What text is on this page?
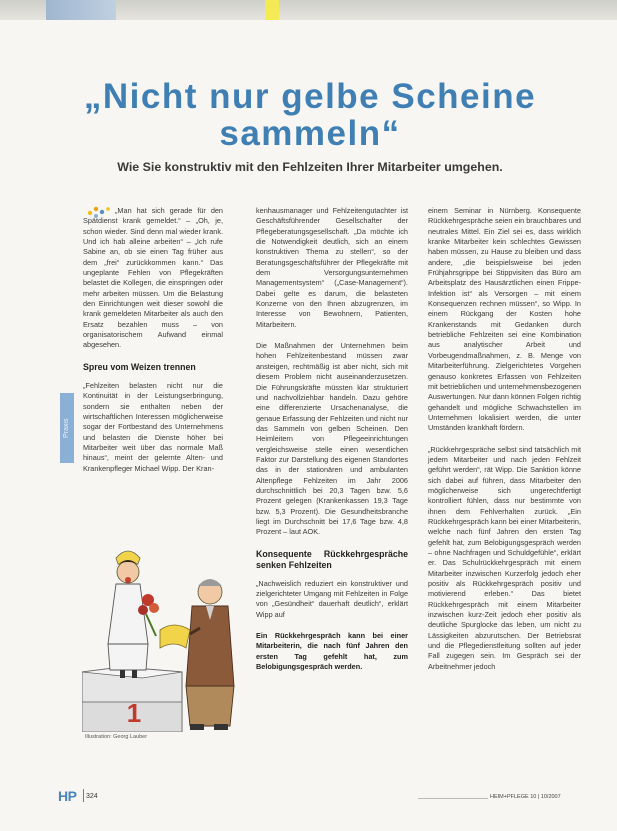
„Nicht nur gelbe Scheine sammeln“
Wie Sie konstruktiv mit den Fehlzeiten Ihrer Mitarbeiter umgehen.

„Man hat sich gerade für den Spätdienst krank gemeldet.“ – „Oh, je, schon wieder. Sind denn mal wieder krank. Und ich hab alleine arbeiten“ – „Ich rufe Sabine an, ob sie einen Tag früher aus dem „frei“ zurückkommen kann.“ Das ungeplante Fehlen von Pflegekräften belastet die Kollegen, die einspringen oder mehr arbeiten müssen. Um die Belastung den Einrichtungen weit dieser sowohl die krank gemeldeten Mitarbeiter als auch den Ersatz bezahlen muss – von organisatorischem Aufwand einmal abgesehen.

Spreu vom Weizen trennen

„Fehlzeiten belasten nicht nur die Kontinuität in der Leistungserbringung, sondern sie enthalten neben der wirtschaftlichen Interessen möglicherweise sogar der Fortbestand des Unternehmens und belasten die Dienste höher bei Mitarbeiter weit über das normale Maß hinaus“, meint der gelernte Alten- und Krankenpfleger Michael Wipp. Der Kran-

kenhausmanager und Fehlzeitengutachter ist Geschäftsführender Gesellschafter der Pflegeberatungsgesellschaft. „Da möchte ich die Notwendigkeit deutlich, sich an einem konstruktiven Thema zu stellen“, so der Beratungsgeschäftsführer der Pflegekräfte mit dem Versorgungsunternehmen Managementsystem“ („Case-Management“). Dabei gelte es darum, die belasteten Konzerne von den Ihnen abzugrenzen, im Interesse von Bewohnern, Patienten, Mitarbeitern.

Die Maßnahmen der Unternehmen beim hohen Fehlzeitenbestand müssen zwar ansteigen, rechtmäßig ist aber nicht, sich mit diesem Problem nicht auseinanderzusetzen. Die Führungskräfte müssten klar strukturiert und nachvollziehbar handeln. Dazu gehöre eine differenzierte Ursachenanalyse, die genaue Erfassung der Fehlzeiten und nicht nur das Sammeln von gelben Scheinen. Den Heimleitern von Pflegeeinrichtungen vergleichsweise stelle einen wesentlichen Faktor zur Darstellung des eigenen Standortes das in der stationären und ambulanten Altenpflege Fehlzeiten im Jahr 2006 durchschnittlich bei 20,3 Tagen bzw. 5,6 Prozent gelegen (Krankenkassen 19,3 Tage bzw. 5,3 Prozent). Die Gesundheitsbranche liegt im Durchschnitt bei 17,6 Tage bzw. 4,8 Prozent – laut AOK.

Konsequente Rückkehrgespräche senken Fehlzeiten

„Nachweislich reduziert ein konstruktiver und zielgerichteter Umgang mit Fehlzeiten in Folge von „Gesündheit“ dauerhaft deutlich“, erklärt Wipp auf

Ein Rückkehrgespräch kann bei einer Mitarbeiterin, die nach fünf Jahren den ersten Tag gefehlt hat, zum Belobigungsgespräch werden.

einem Seminar in Nürnberg. Konsequente Rückkehrgespräche seien ein brauchbares und neutrales Mittel. Ein Ziel sei es, dass wirklich kranke Mitarbeiter kein schlechtes Gewissen haben müssen, zu Hause zu bleiben und dass andere, „die beispielsweise bei jeden Frühjahrsgrippe bei Stippvisiten das Büro am Arbeitsplatz des Hausärztlichen einen Frippe-Infektion ist“ als Versorgen – mit einem Konsequenzen rechnen müssen“, so Wipp. In einem Rückgang der Kosten hohe Krankenstands mit Gedanken durch betriebliche Fehlzeiten sei eine Kombination aus analytischer Arbeit und Vorbeugendmaßnahmen, z. B. Menge von Mitarbeiterführung. Zielgerichtetes Vorgehen genauso konkretes Erfassen von Fehlzeiten mit betrieblichen und unternehmensbezogenen Auswertungen. Nur dann können Folgen richtig gehandelt und mögliche Schwachstellen im Unternehmen lokalisiert werden, die unter Umständen krankhaft fördern.

„Rückkehrgespräche selbst sind tatsächlich mit jedem Mitarbeiter und nach jeden Fehlzeit geführt werden“, rät Wipp. Die Sanktion könne sich dabei auf führen, dass Mitarbeiter den möglicherweise sich ungerechtfertigt kontrolliert fühlen, dass nur bestimmte von ihnen dem Fehlverhalten zurück. „Ein Rückkehrgespräch kann bei einer Mitarbeiterin, welche nach fünf Jahren den ersten Tag gefehlt hat, zum Belobigungsgespräch werden – ohne Nachfragen und Schuldgefühle“, erklärt er. Das Schulrückkehrgespräch mit einem Mitarbeiter inzwischen Kurzerfolg jedoch eher positiv als Rückkehrgespräch positiv und motivierend erleben.“ Das bietet Rückkehrgespräch mit einem Mitarbeiter inzwischen kurz-Zeit jedoch eher positiv als deutliche Spurglocke das leben, um nicht zu Lässigkeiten abzurutschen. Der Betriebsrat und die Pflegedienstleitung sollten auf jeder Fall zugegen sein. Im Gespräch sei der Arbeitnehmer jedoch

Praxis
1
Illustration: Georg Lauber
HP 324	HEIM+PFLEGE 10 | 10/2007
